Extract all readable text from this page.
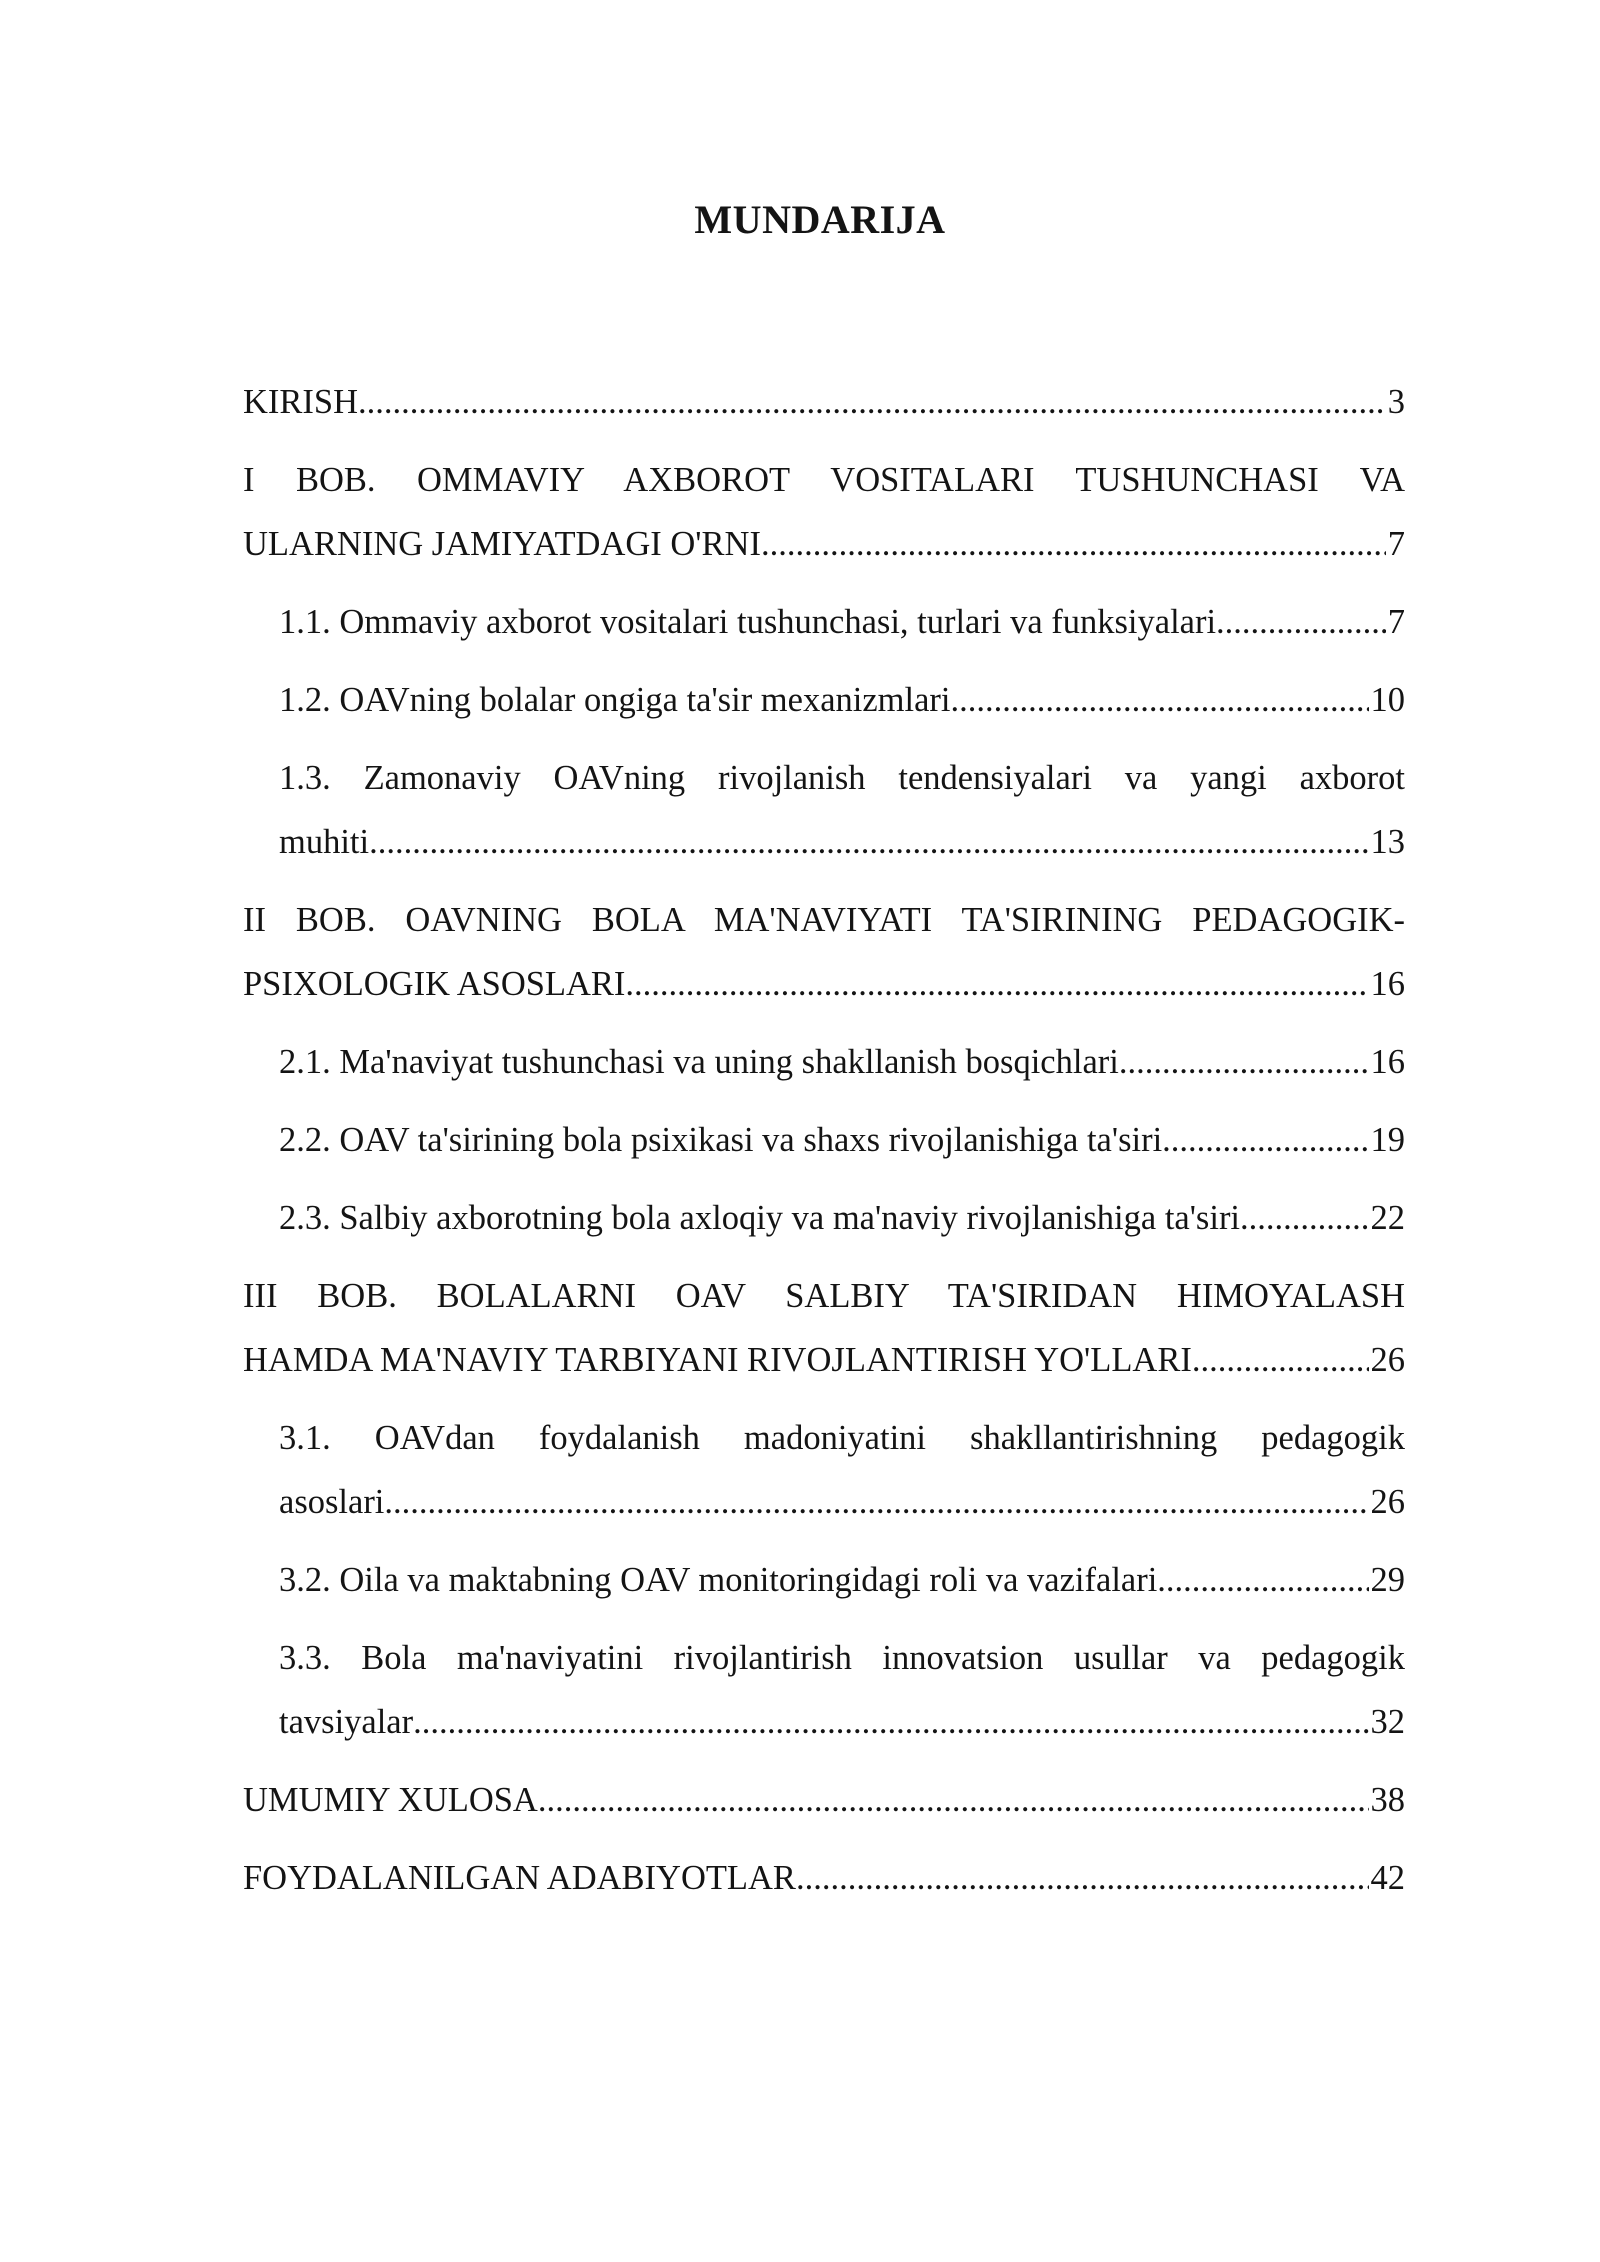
MUNDARIJA
KIRISH .....	3
I BOB. OMMAVIY AXBOROT VOSITALARI TUSHUNCHASI VA
ULARNING JAMIYATDAGI O'RNI .....	7
1.1. Ommaviy axborot vositalari tushunchasi, turlari va funksiyalari .....	7
1.2. OAVning bolalar ongiga ta'sir mexanizmlari .....	10
1.3. Zamonaviy OAVning rivojlanish tendensiyalari va yangi axborot
muhiti .....	13
II BOB. OAVNING BOLA MA'NAVIYATI TA'SIRINING PEDAGOGIK-
PSIXOLOGIK ASOSLARI .....	16
2.1. Ma'naviyat tushunchasi va uning shakllanish bosqichlari .....	16
2.2. OAV ta'sirining bola psixikasi va shaxs rivojlanishiga ta'siri .....	19
2.3. Salbiy axborotning bola axloqiy va ma'naviy rivojlanishiga ta'siri .....	22
III BOB. BOLALARNI OAV SALBIY TA'SIRIDAN HIMOYALASH
HAMDA MA'NAVIY TARBIYANI RIVOJLANTIRISH YO'LLARI .....	26
3.1. OAVdan foydalanish madoniyatini shakllantirishning pedagogik
asoslari .....	26
3.2. Oila va maktabning OAV monitoringidagi roli va vazifalari .....	29
3.3. Bola ma'naviyatini rivojlantirish innovatsion usullar va pedagogik
tavsiyalar .....	32
UMUMIY XULOSA .....	38
FOYDALANILGAN ADABIYOTLAR .....	42
